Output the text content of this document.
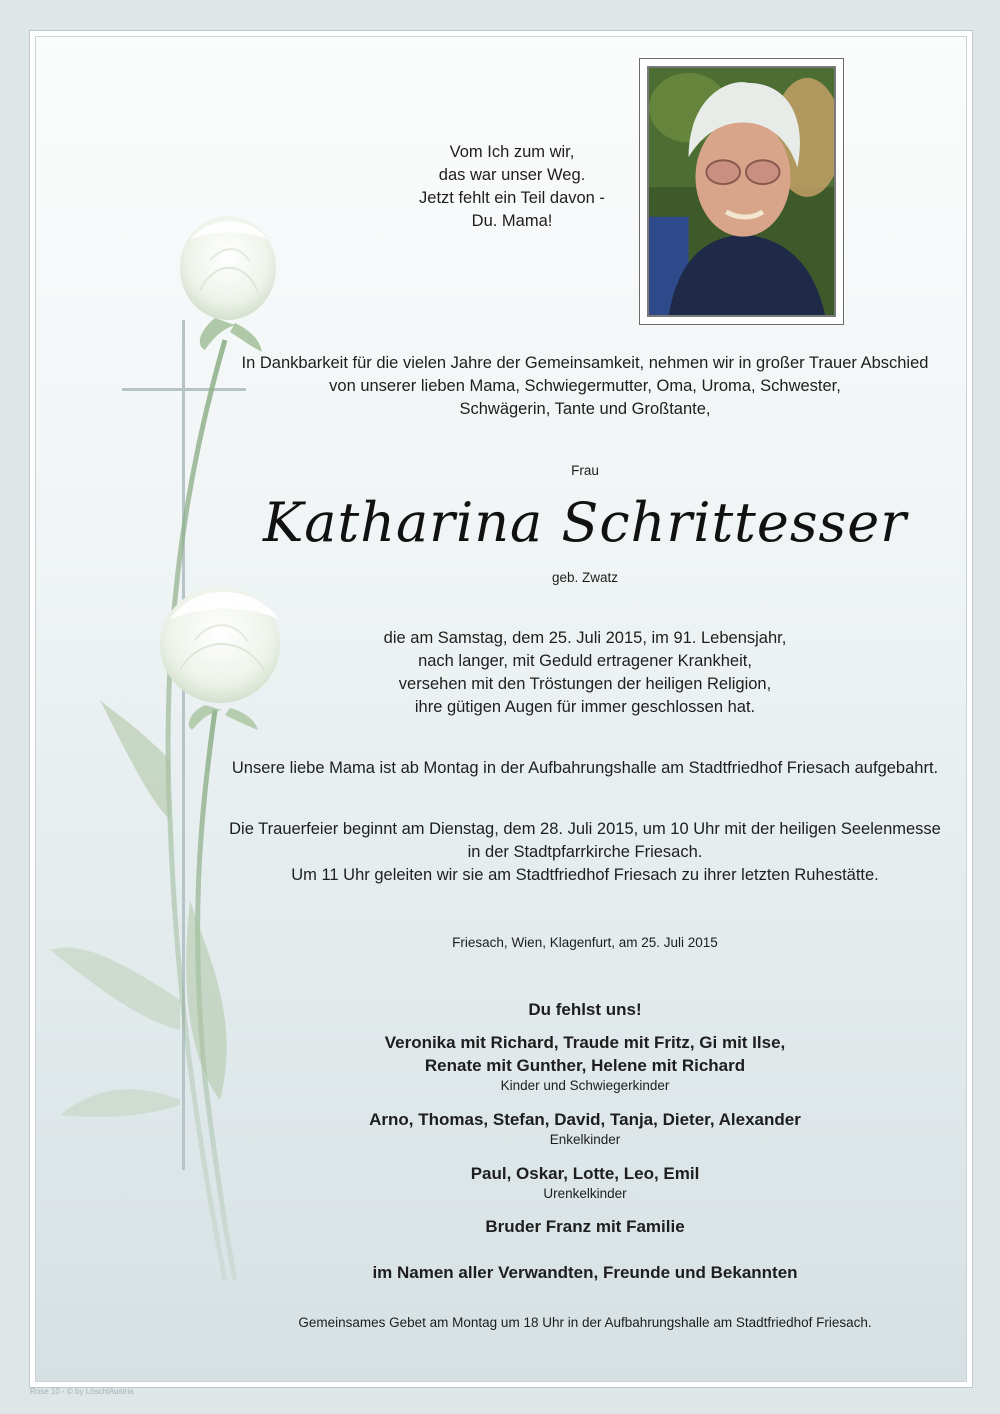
Vom Ich zum wir,
das war unser Weg.
Jetzt fehlt ein Teil davon -
Du. Mama!
In Dankbarkeit für die vielen Jahre der Gemeinsamkeit, nehmen wir in großer Trauer Abschied
von unserer lieben Mama, Schwiegermutter, Oma, Uroma, Schwester,
Schwägerin, Tante und Großtante,
Frau
Katharina Schrittesser
geb. Zwatz
die am Samstag, dem 25. Juli 2015, im 91. Lebensjahr,
nach langer, mit Geduld ertragener Krankheit,
versehen mit den Tröstungen der heiligen Religion,
ihre gütigen Augen für immer geschlossen hat.
Unsere liebe Mama ist ab Montag in der Aufbahrungshalle am Stadtfriedhof Friesach aufgebahrt.
Die Trauerfeier beginnt am Dienstag, dem 28. Juli 2015, um 10 Uhr mit der heiligen Seelenmesse
in der Stadtpfarrkirche Friesach.
Um 11 Uhr geleiten wir sie am Stadtfriedhof Friesach zu ihrer letzten Ruhestätte.
Friesach, Wien, Klagenfurt, am 25. Juli 2015
Du fehlst uns!
Veronika mit Richard, Traude mit Fritz, Gi mit Ilse,
Renate mit Gunther, Helene mit Richard
Kinder und Schwiegerkinder
Arno, Thomas, Stefan, David, Tanja, Dieter, Alexander
Enkelkinder
Paul, Oskar, Lotte, Leo, Emil
Urenkelkinder
Bruder Franz mit Familie
im Namen aller Verwandten, Freunde und Bekannten
Gemeinsames Gebet am Montag um 18 Uhr in der Aufbahrungshalle am Stadtfriedhof Friesach.
Rose 10 - © by LöschlAustria
